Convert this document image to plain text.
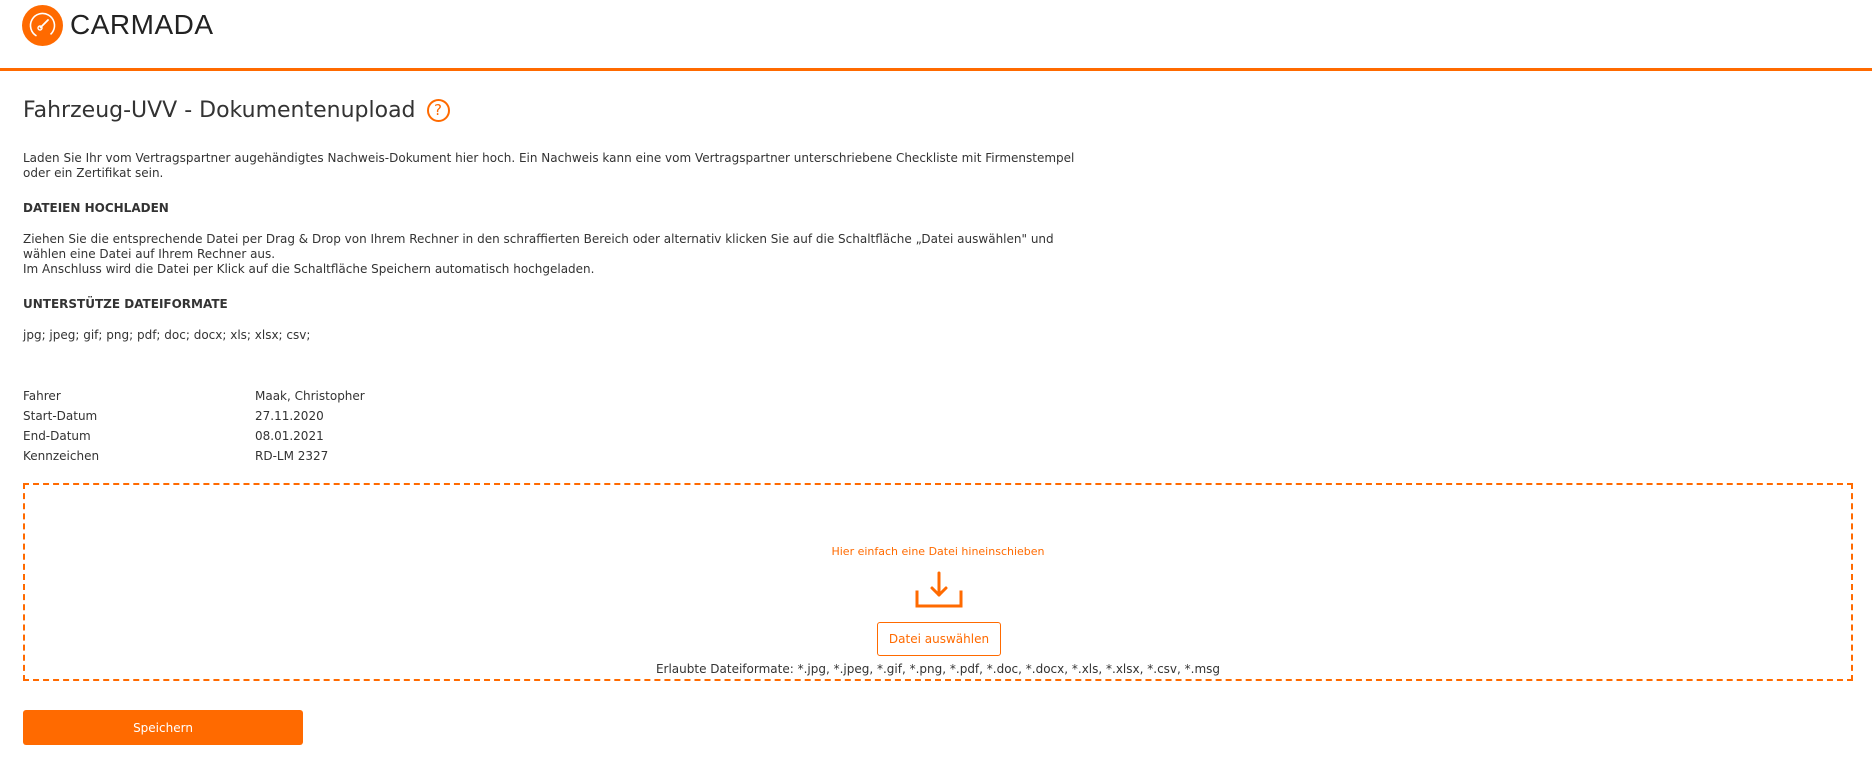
CARMADA
Fahrzeug-UVV - Dokumentenupload	?

Laden Sie Ihr vom Vertragspartner augehändigtes Nachweis-Dokument hier hoch. Ein Nachweis kann eine vom Vertragspartner unterschriebene Checkliste mit Firmenstempel oder ein Zertifikat sein.

DATEIEN HOCHLADEN

Ziehen Sie die entsprechende Datei per Drag & Drop von Ihrem Rechner in den schraffierten Bereich oder alternativ klicken Sie auf die Schaltfläche „Datei auswählen" und wählen eine Datei auf Ihrem Rechner aus.
Im Anschluss wird die Datei per Klick auf die Schaltfläche Speichern automatisch hochgeladen.

UNTERSTÜTZE DATEIFORMATE

jpg; jpeg; gif; png; pdf; doc; docx; xls; xlsx; csv;

Fahrer	Maak, Christopher
Start-Datum	27.11.2020
End-Datum	08.01.2021
Kennzeichen	RD-LM 2327
Hier einfach eine Datei hineinschieben
Datei auswählen
Erlaubte Dateiformate: *.jpg, *.jpeg, *.gif, *.png, *.pdf, *.doc, *.docx, *.xls, *.xlsx, *.csv, *.msg
Speichern
